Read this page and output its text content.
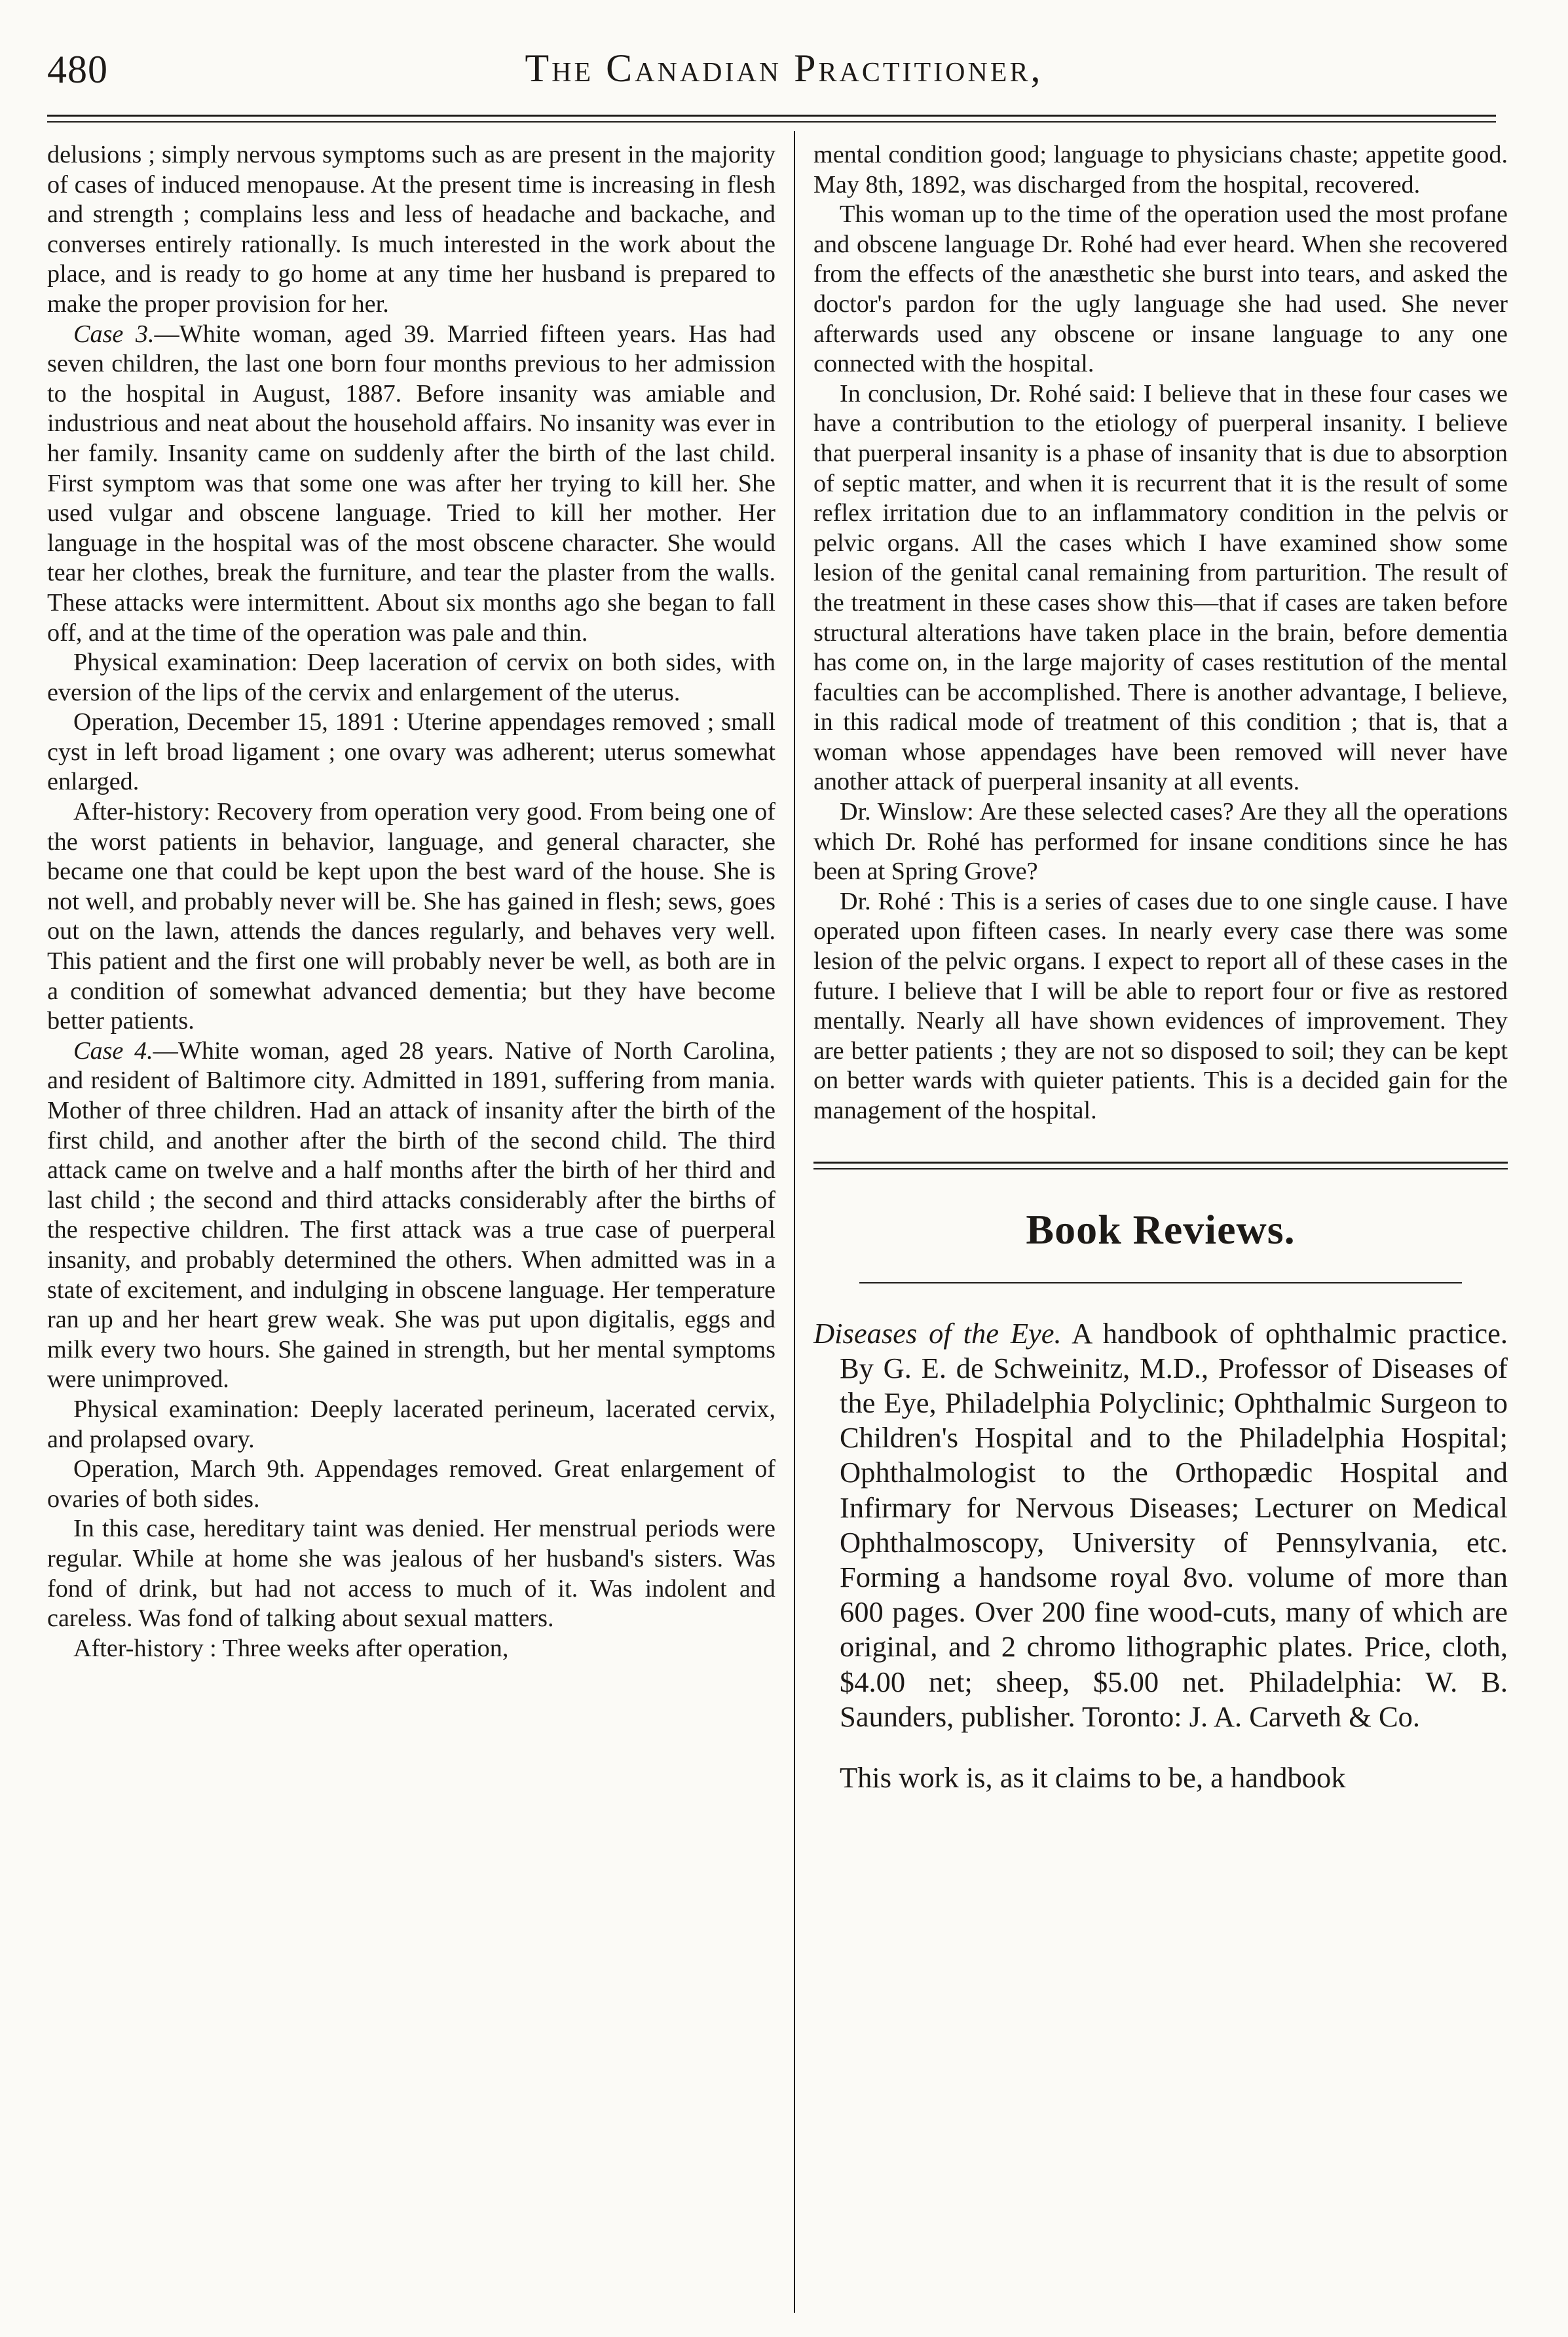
480	The Canadian Practitioner,

delusions ; simply nervous symptoms such as are present in the majority of cases of induced menopause. At the present time is increasing in flesh and strength ; complains less and less of headache and backache, and converses entirely rationally. Is much interested in the work about the place, and is ready to go home at any time her husband is prepared to make the proper provision for her.

Case 3.—White woman, aged 39. Married fifteen years. Has had seven children, the last one born four months previous to her admission to the hospital in August, 1887. Before insanity was amiable and industrious and neat about the household affairs. No insanity was ever in her family. Insanity came on suddenly after the birth of the last child. First symptom was that some one was after her trying to kill her. She used vulgar and obscene language. Tried to kill her mother. Her language in the hospital was of the most obscene character. She would tear her clothes, break the furniture, and tear the plaster from the walls. These attacks were intermittent. About six months ago she began to fall off, and at the time of the operation was pale and thin.

Physical examination: Deep laceration of cervix on both sides, with eversion of the lips of the cervix and enlargement of the uterus.

Operation, December 15, 1891 : Uterine appendages removed ; small cyst in left broad ligament ; one ovary was adherent; uterus somewhat enlarged.

After-history: Recovery from operation very good. From being one of the worst patients in behavior, language, and general character, she became one that could be kept upon the best ward of the house. She is not well, and probably never will be. She has gained in flesh; sews, goes out on the lawn, attends the dances regularly, and behaves very well. This patient and the first one will probably never be well, as both are in a condition of somewhat advanced dementia; but they have become better patients.

Case 4.—White woman, aged 28 years. Native of North Carolina, and resident of Baltimore city. Admitted in 1891, suffering from mania. Mother of three children. Had an attack of insanity after the birth of the first child, and another after the birth of the second child. The third attack came on twelve and a half months after the birth of her third and last child ; the second and third attacks considerably after the births of the respective children. The first attack was a true case of puerperal insanity, and probably determined the others. When admitted was in a state of excitement, and indulging in obscene language. Her temperature ran up and her heart grew weak. She was put upon digitalis, eggs and milk every two hours. She gained in strength, but her mental symptoms were unimproved.

Physical examination: Deeply lacerated perineum, lacerated cervix, and prolapsed ovary.

Operation, March 9th. Appendages removed. Great enlargement of ovaries of both sides.

In this case, hereditary taint was denied. Her menstrual periods were regular. While at home she was jealous of her husband's sisters. Was fond of drink, but had not access to much of it. Was indolent and careless. Was fond of talking about sexual matters.

After-history : Three weeks after operation,

mental condition good; language to physicians chaste; appetite good. May 8th, 1892, was discharged from the hospital, recovered.

This woman up to the time of the operation used the most profane and obscene language Dr. Rohé had ever heard. When she recovered from the effects of the anæsthetic she burst into tears, and asked the doctor's pardon for the ugly language she had used. She never afterwards used any obscene or insane language to any one connected with the hospital.

In conclusion, Dr. Rohé said: I believe that in these four cases we have a contribution to the etiology of puerperal insanity. I believe that puerperal insanity is a phase of insanity that is due to absorption of septic matter, and when it is recurrent that it is the result of some reflex irritation due to an inflammatory condition in the pelvis or pelvic organs. All the cases which I have examined show some lesion of the genital canal remaining from parturition. The result of the treatment in these cases show this—that if cases are taken before structural alterations have taken place in the brain, before dementia has come on, in the large majority of cases restitution of the mental faculties can be accomplished. There is another advantage, I believe, in this radical mode of treatment of this condition ; that is, that a woman whose appendages have been removed will never have another attack of puerperal insanity at all events.

Dr. Winslow: Are these selected cases? Are they all the operations which Dr. Rohé has performed for insane conditions since he has been at Spring Grove?

Dr. Rohé : This is a series of cases due to one single cause. I have operated upon fifteen cases. In nearly every case there was some lesion of the pelvic organs. I expect to report all of these cases in the future. I believe that I will be able to report four or five as restored mentally. Nearly all have shown evidences of improvement. They are better patients ; they are not so disposed to soil; they can be kept on better wards with quieter patients. This is a decided gain for the management of the hospital.

Book Reviews.

Diseases of the Eye. A handbook of ophthalmic practice. By G. E. de Schweinitz, M.D., Professor of Diseases of the Eye, Philadelphia Polyclinic; Ophthalmic Surgeon to Children's Hospital and to the Philadelphia Hospital; Ophthalmologist to the Orthopædic Hospital and Infirmary for Nervous Diseases; Lecturer on Medical Ophthalmoscopy, University of Pennsylvania, etc. Forming a handsome royal 8vo. volume of more than 600 pages. Over 200 fine wood-cuts, many of which are original, and 2 chromo lithographic plates. Price, cloth, $4.00 net; sheep, $5.00 net. Philadelphia: W. B. Saunders, publisher. Toronto: J. A. Carveth & Co.

This work is, as it claims to be, a handbook
